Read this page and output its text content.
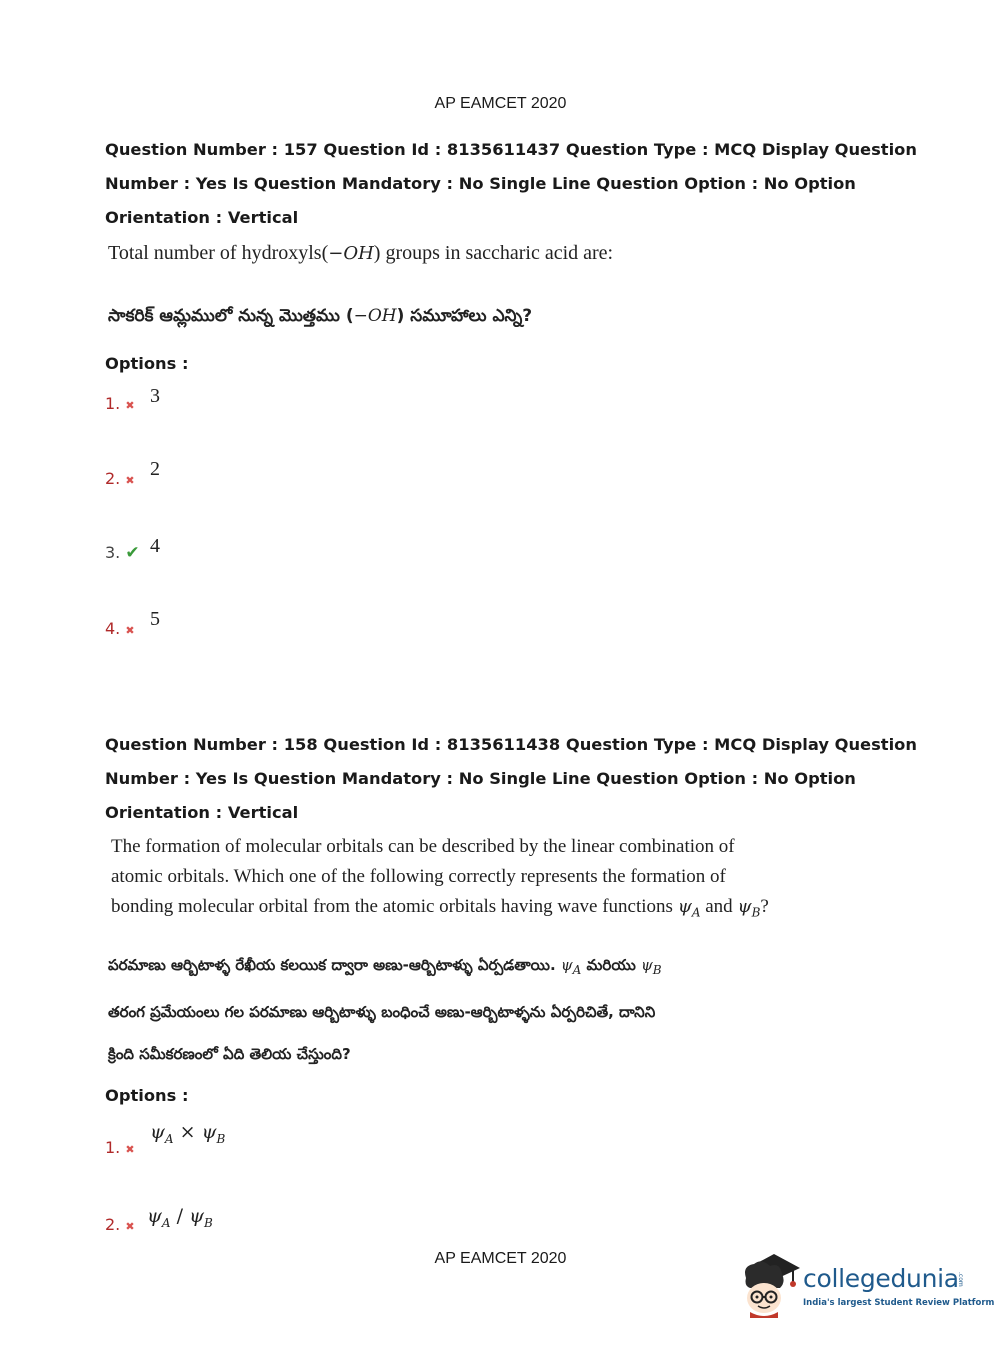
AP EAMCET 2020
Question Number : 157 Question Id : 8135611437 Question Type : MCQ Display Question
Number : Yes Is Question Mandatory : No Single Line Question Option : No Option
Orientation : Vertical
Total number of hydroxyls(−OH) groups in saccharic acid are:
సాకరిక్ ఆమ్లములో నున్న మొత్తము (−OH) సమూహాలు ఎన్ని?
Options :
1. ✖ 3
2. ✖
2
3. ✔ 4
4. ✖
5
Question Number : 158 Question Id : 8135611438 Question Type : MCQ Display Question
Number : Yes Is Question Mandatory : No Single Line Question Option : No Option
Orientation : Vertical
The formation of molecular orbitals can be described by the linear combination of
atomic orbitals. Which one of the following correctly represents the formation of
bonding molecular orbital from the atomic orbitals having wave functions $\psi_A$ and $\psi_B$?
పరమాణు ఆర్బిటాళ్ళ రేఖీయ కలయిక ద్వారా అణు-ఆర్బిటాళ్ళు ఏర్పడతాయి. $\psi_A$ మరియు $\psi_B$
తరంగ ప్రమేయంలు గల పరమాణు ఆర్బిటాళ్ళు బంధించే అణు-ఆర్బిటాళ్ళను ఏర్పరిచితే, దానిని
క్రింది సమీకరణంలో ఏది తెలియ చేస్తుంది?
Options :
1. ✖
$\psi_A \times \psi_B$
2. ✖ $\psi_A / \psi_B$
AP EAMCET 2020
collegedunia
.com
India's largest Student Review Platform
